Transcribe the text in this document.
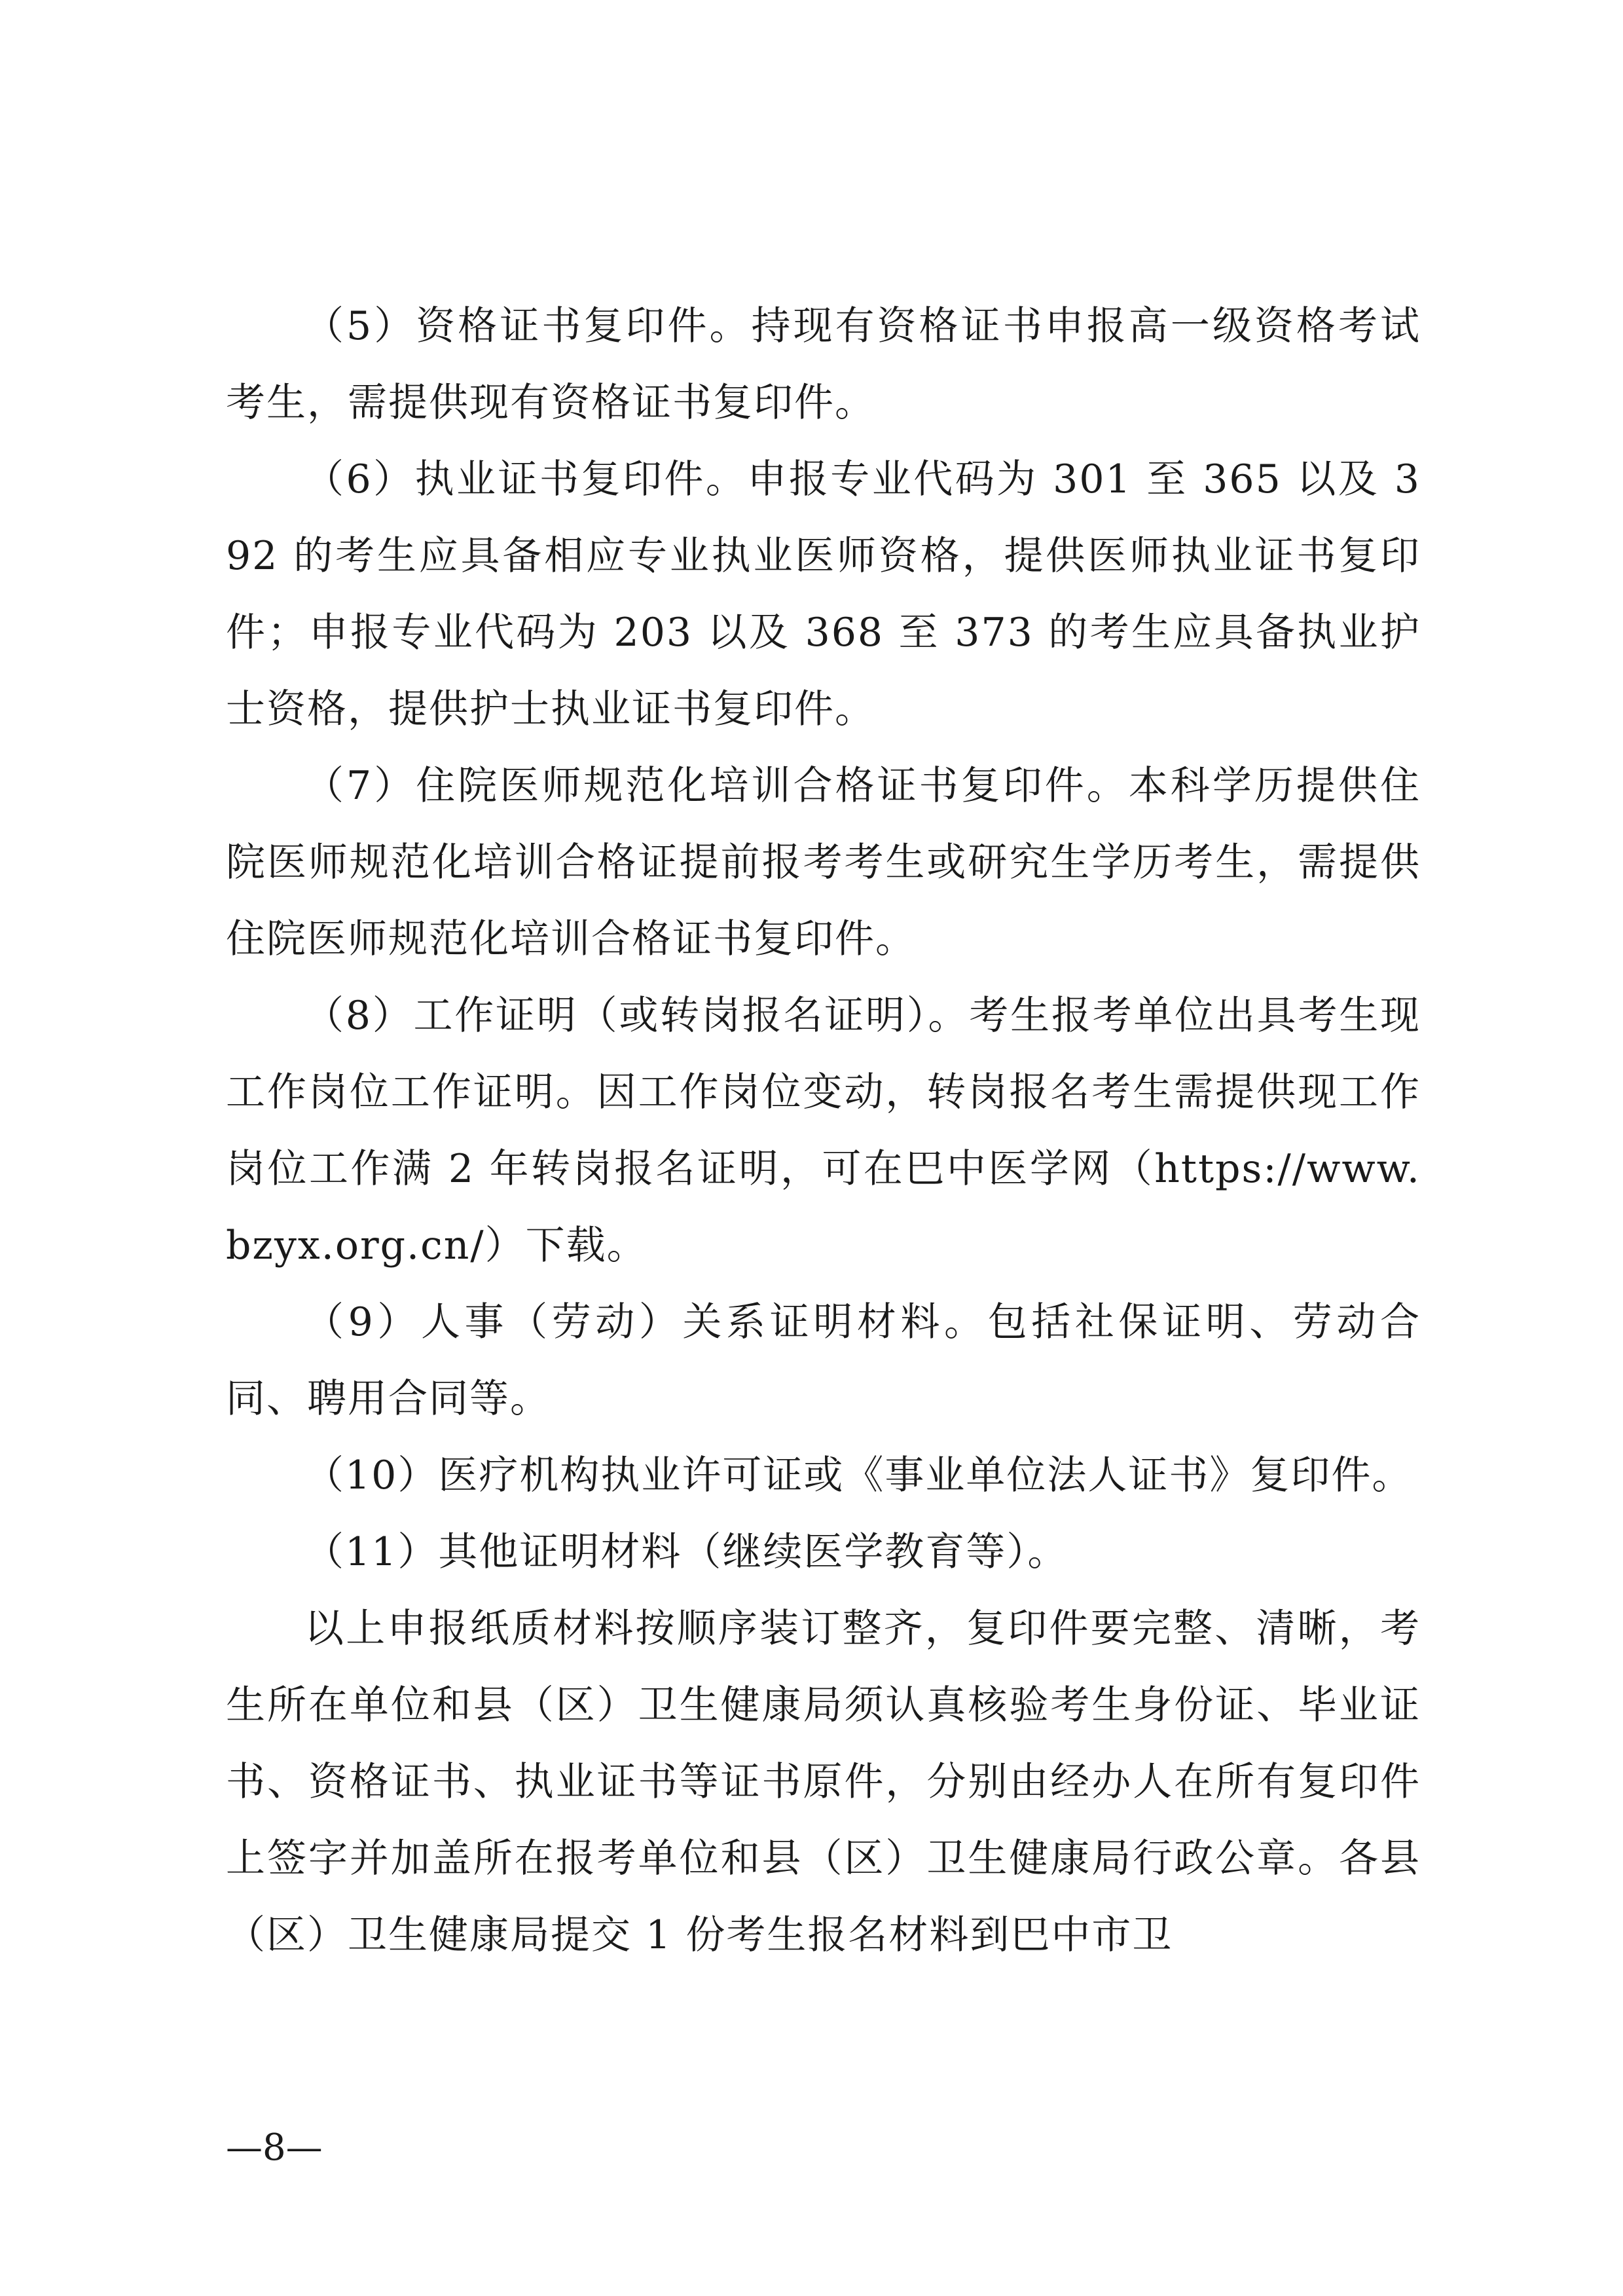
（5）资格证书复印件。持现有资格证书申报高一级资格考试考生，需提供现有资格证书复印件。

（6）执业证书复印件。申报专业代码为 301 至 365 以及 392 的考生应具备相应专业执业医师资格，提供医师执业证书复印件；申报专业代码为 203 以及 368 至 373 的考生应具备执业护士资格，提供护士执业证书复印件。

（7）住院医师规范化培训合格证书复印件。本科学历提供住院医师规范化培训合格证提前报考考生或研究生学历考生，需提供住院医师规范化培训合格证书复印件。

（8）工作证明（或转岗报名证明）。考生报考单位出具考生现工作岗位工作证明。因工作岗位变动，转岗报名考生需提供现工作岗位工作满 2 年转岗报名证明，可在巴中医学网（https://www.bzyx.org.cn/）下载。

（9）人事（劳动）关系证明材料。包括社保证明、劳动合同、聘用合同等。

（10）医疗机构执业许可证或《事业单位法人证书》复印件。

（11）其他证明材料（继续医学教育等）。

以上申报纸质材料按顺序装订整齐，复印件要完整、清晰，考生所在单位和县（区）卫生健康局须认真核验考生身份证、毕业证书、资格证书、执业证书等证书原件，分别由经办人在所有复印件上签字并加盖所在报考单位和县（区）卫生健康局行政公章。各县（区）卫生健康局提交 1 份考生报名材料到巴中市卫

—8—
